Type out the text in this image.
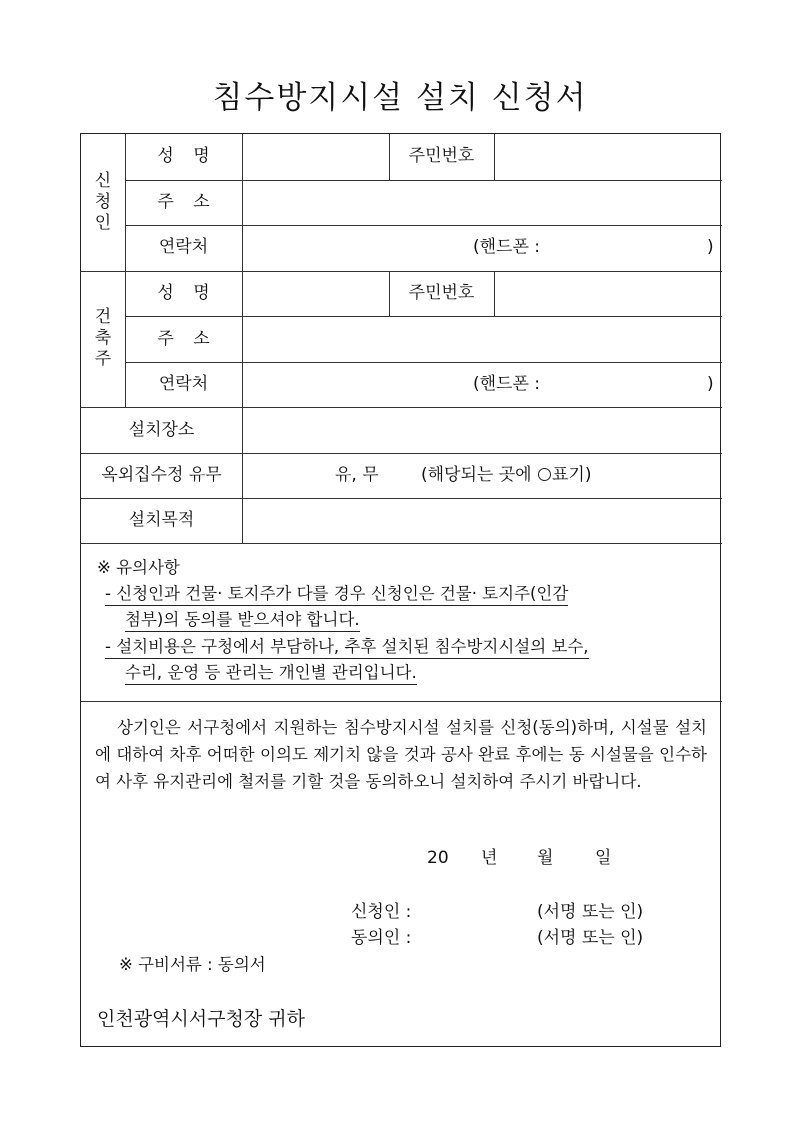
침수방지시설 설치 신청서
신
청
인
성 명	주민번호
주 소
연락처	(핸드폰 :	)
건
축
주
성 명	주민번호
주 소
연락처	(핸드폰 :	)
설치장소
옥외집수정 유무	유, 무 (해당되는 곳에 ○표기)
설치목적
※ 유의사항
- 신청인과 건물· 토지주가 다를 경우 신청인은 건물· 토지주(인감
첨부)의 동의를 받으셔야 합니다.
- 설치비용은 구청에서 부담하나, 추후 설치된 침수방지시설의 보수,
수리, 운영 등 관리는 개인별 관리입니다.
상기인은 서구청에서 지원하는 침수방지시설 설치를 신청(동의)하며, 시설물 설치에 대하여 차후 어떠한 이의도 제기치 않을 것과 공사 완료 후에는 동 시설물을 인수하여 사후 유지관리에 철저를 기할 것을 동의하오니 설치하여 주시기 바랍니다.
20 년 월 일
신청인 :	(서명 또는 인)
동의인 :	(서명 또는 인)
※ 구비서류 : 동의서
인천광역시서구청장 귀하
